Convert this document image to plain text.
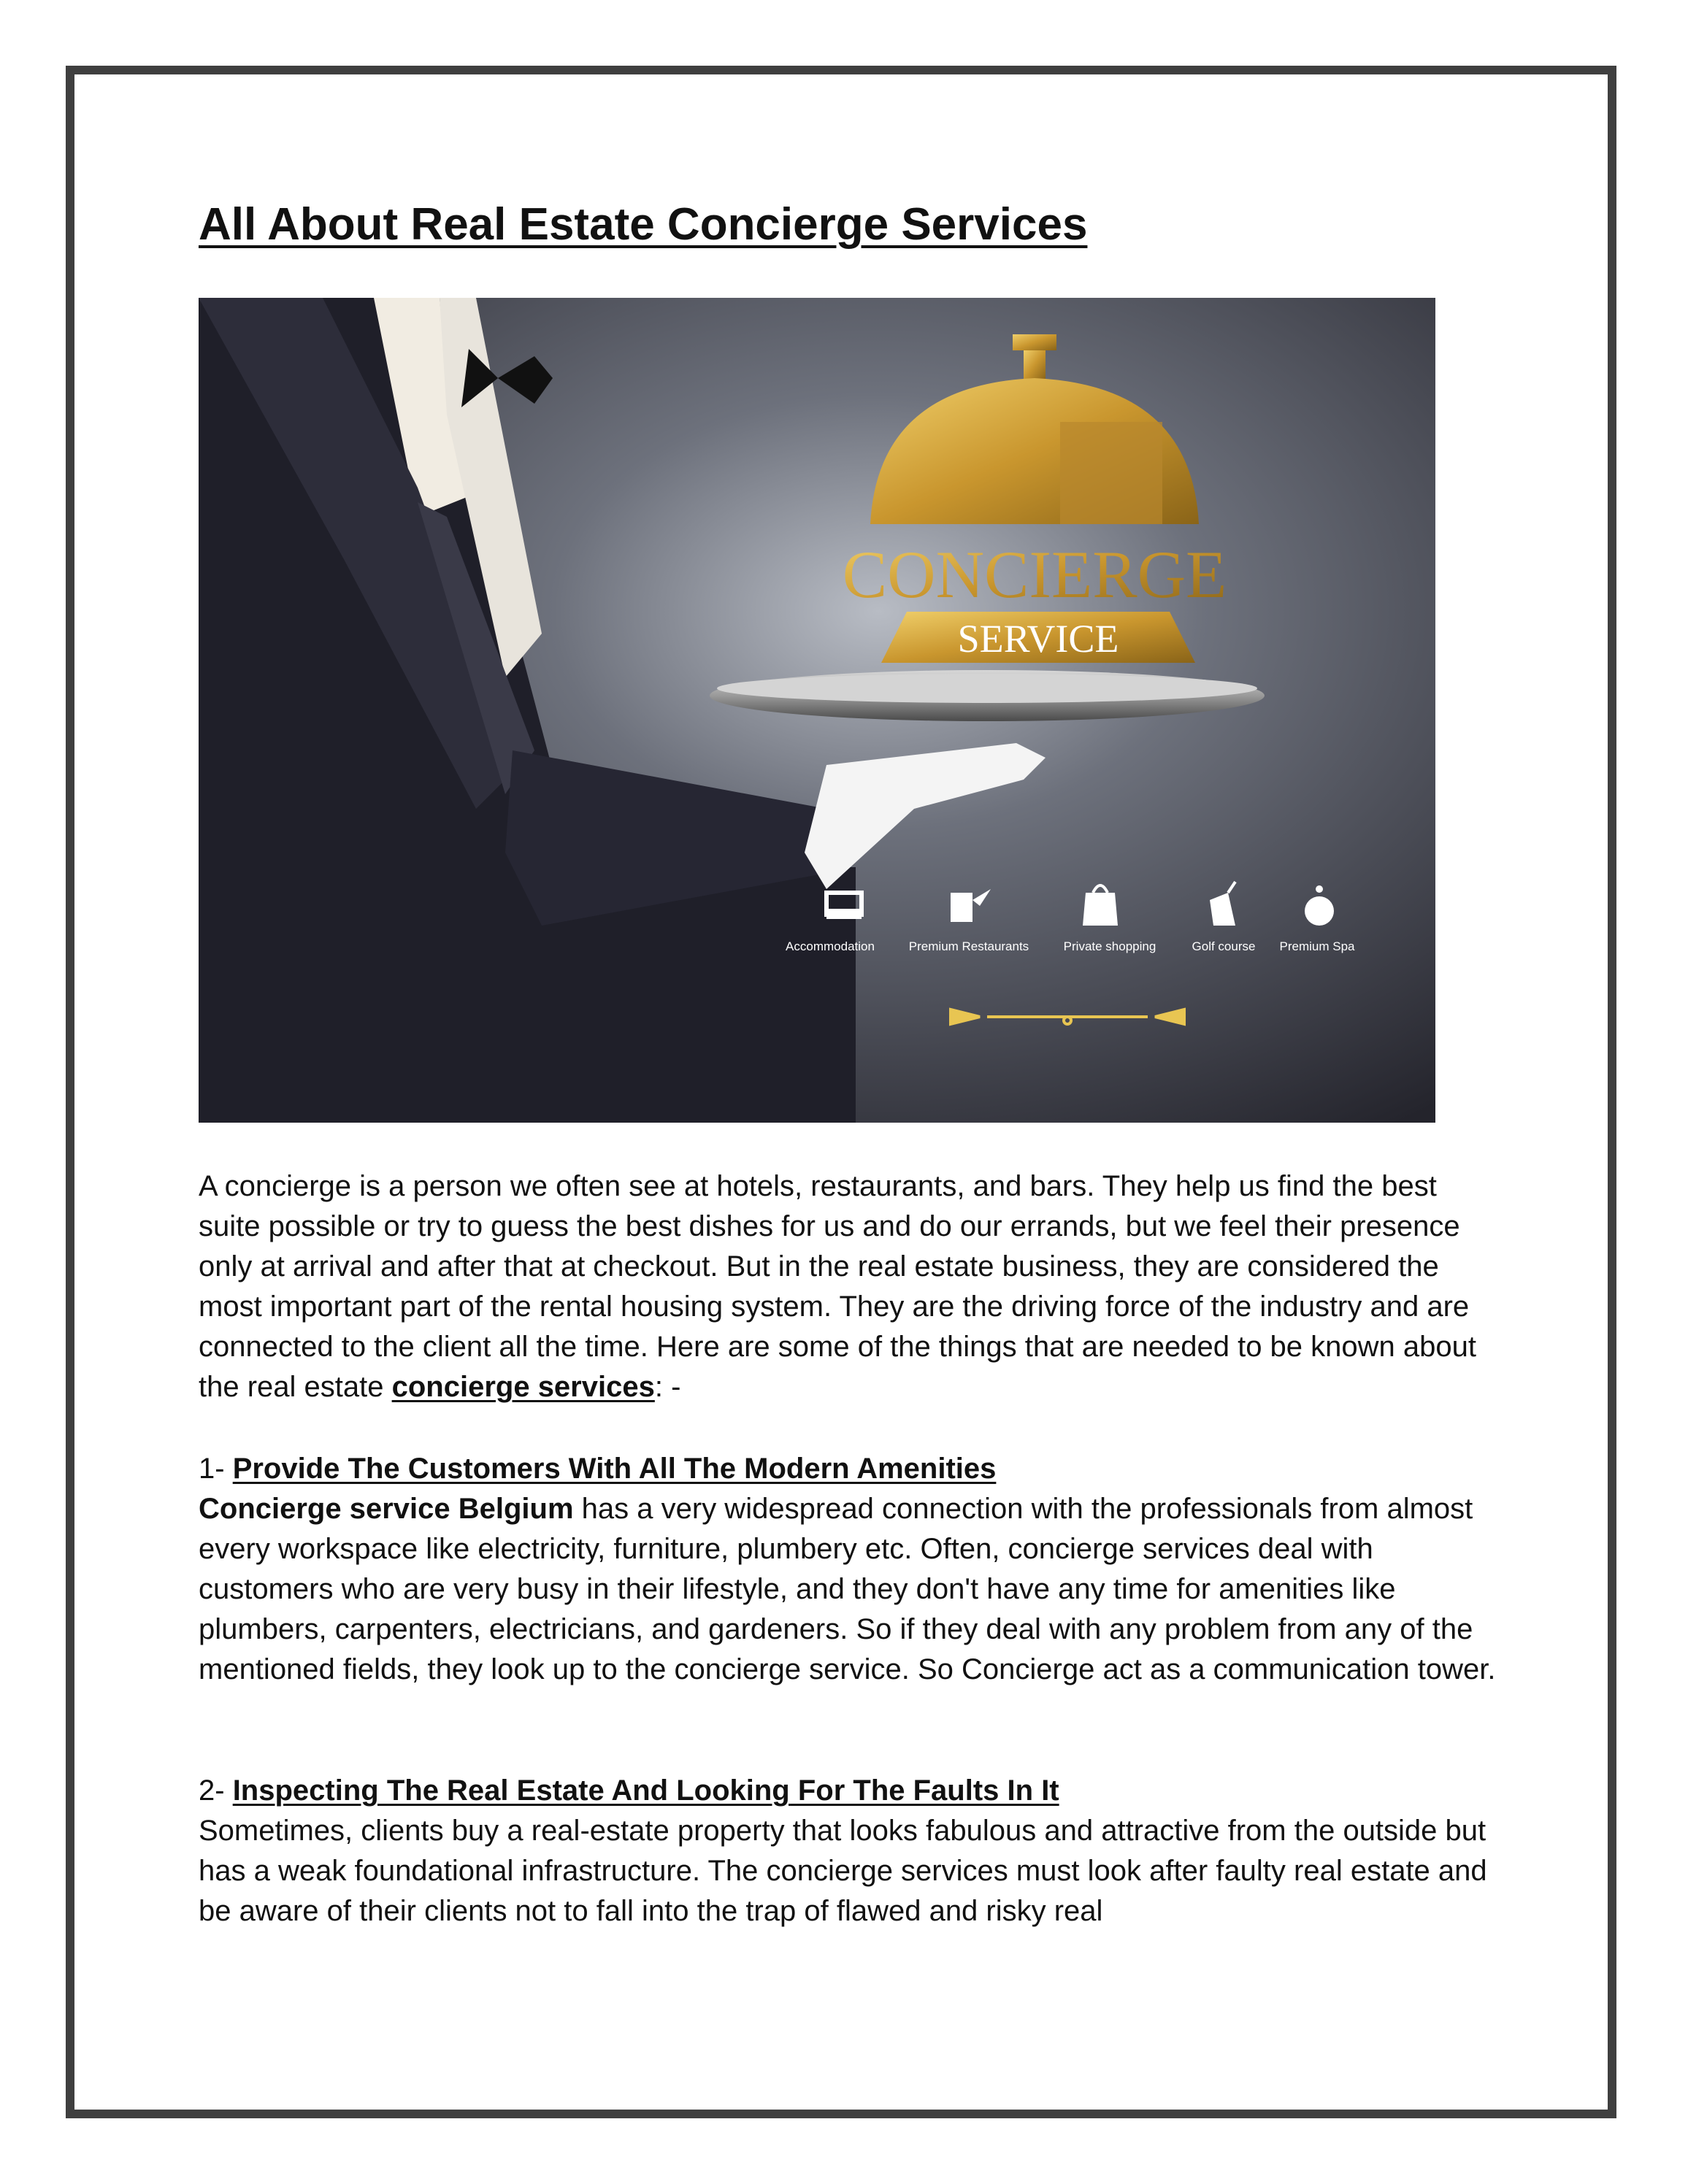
All About Real Estate Concierge Services
CONCIERGE
SERVICE
Accommodation	Premium Restaurants	Private shopping	Golf course Premium Spa

A concierge is a person we often see at hotels, restaurants, and bars. They help us find the best suite possible or try to guess the best dishes for us and do our errands, but we feel their presence only at arrival and after that at checkout. But in the real estate business, they are considered the most important part of the rental housing system. They are the driving force of the industry and are connected to the client all the time. Here are some of the things that are needed to be known about the real estate concierge services: -

1- Provide The Customers With All The Modern Amenities
Concierge service Belgium has a very widespread connection with the professionals from almost every workspace like electricity, furniture, plumbery etc. Often, concierge services deal with customers who are very busy in their lifestyle, and they don't have any time for amenities like plumbers, carpenters, electricians, and gardeners. So if they deal with any problem from any of the mentioned fields, they look up to the concierge service. So Concierge act as a communication tower.

2- Inspecting The Real Estate And Looking For The Faults In It
Sometimes, clients buy a real-estate property that looks fabulous and attractive from the outside but has a weak foundational infrastructure. The concierge services must look after faulty real estate and be aware of their clients not to fall into the trap of flawed and risky real
